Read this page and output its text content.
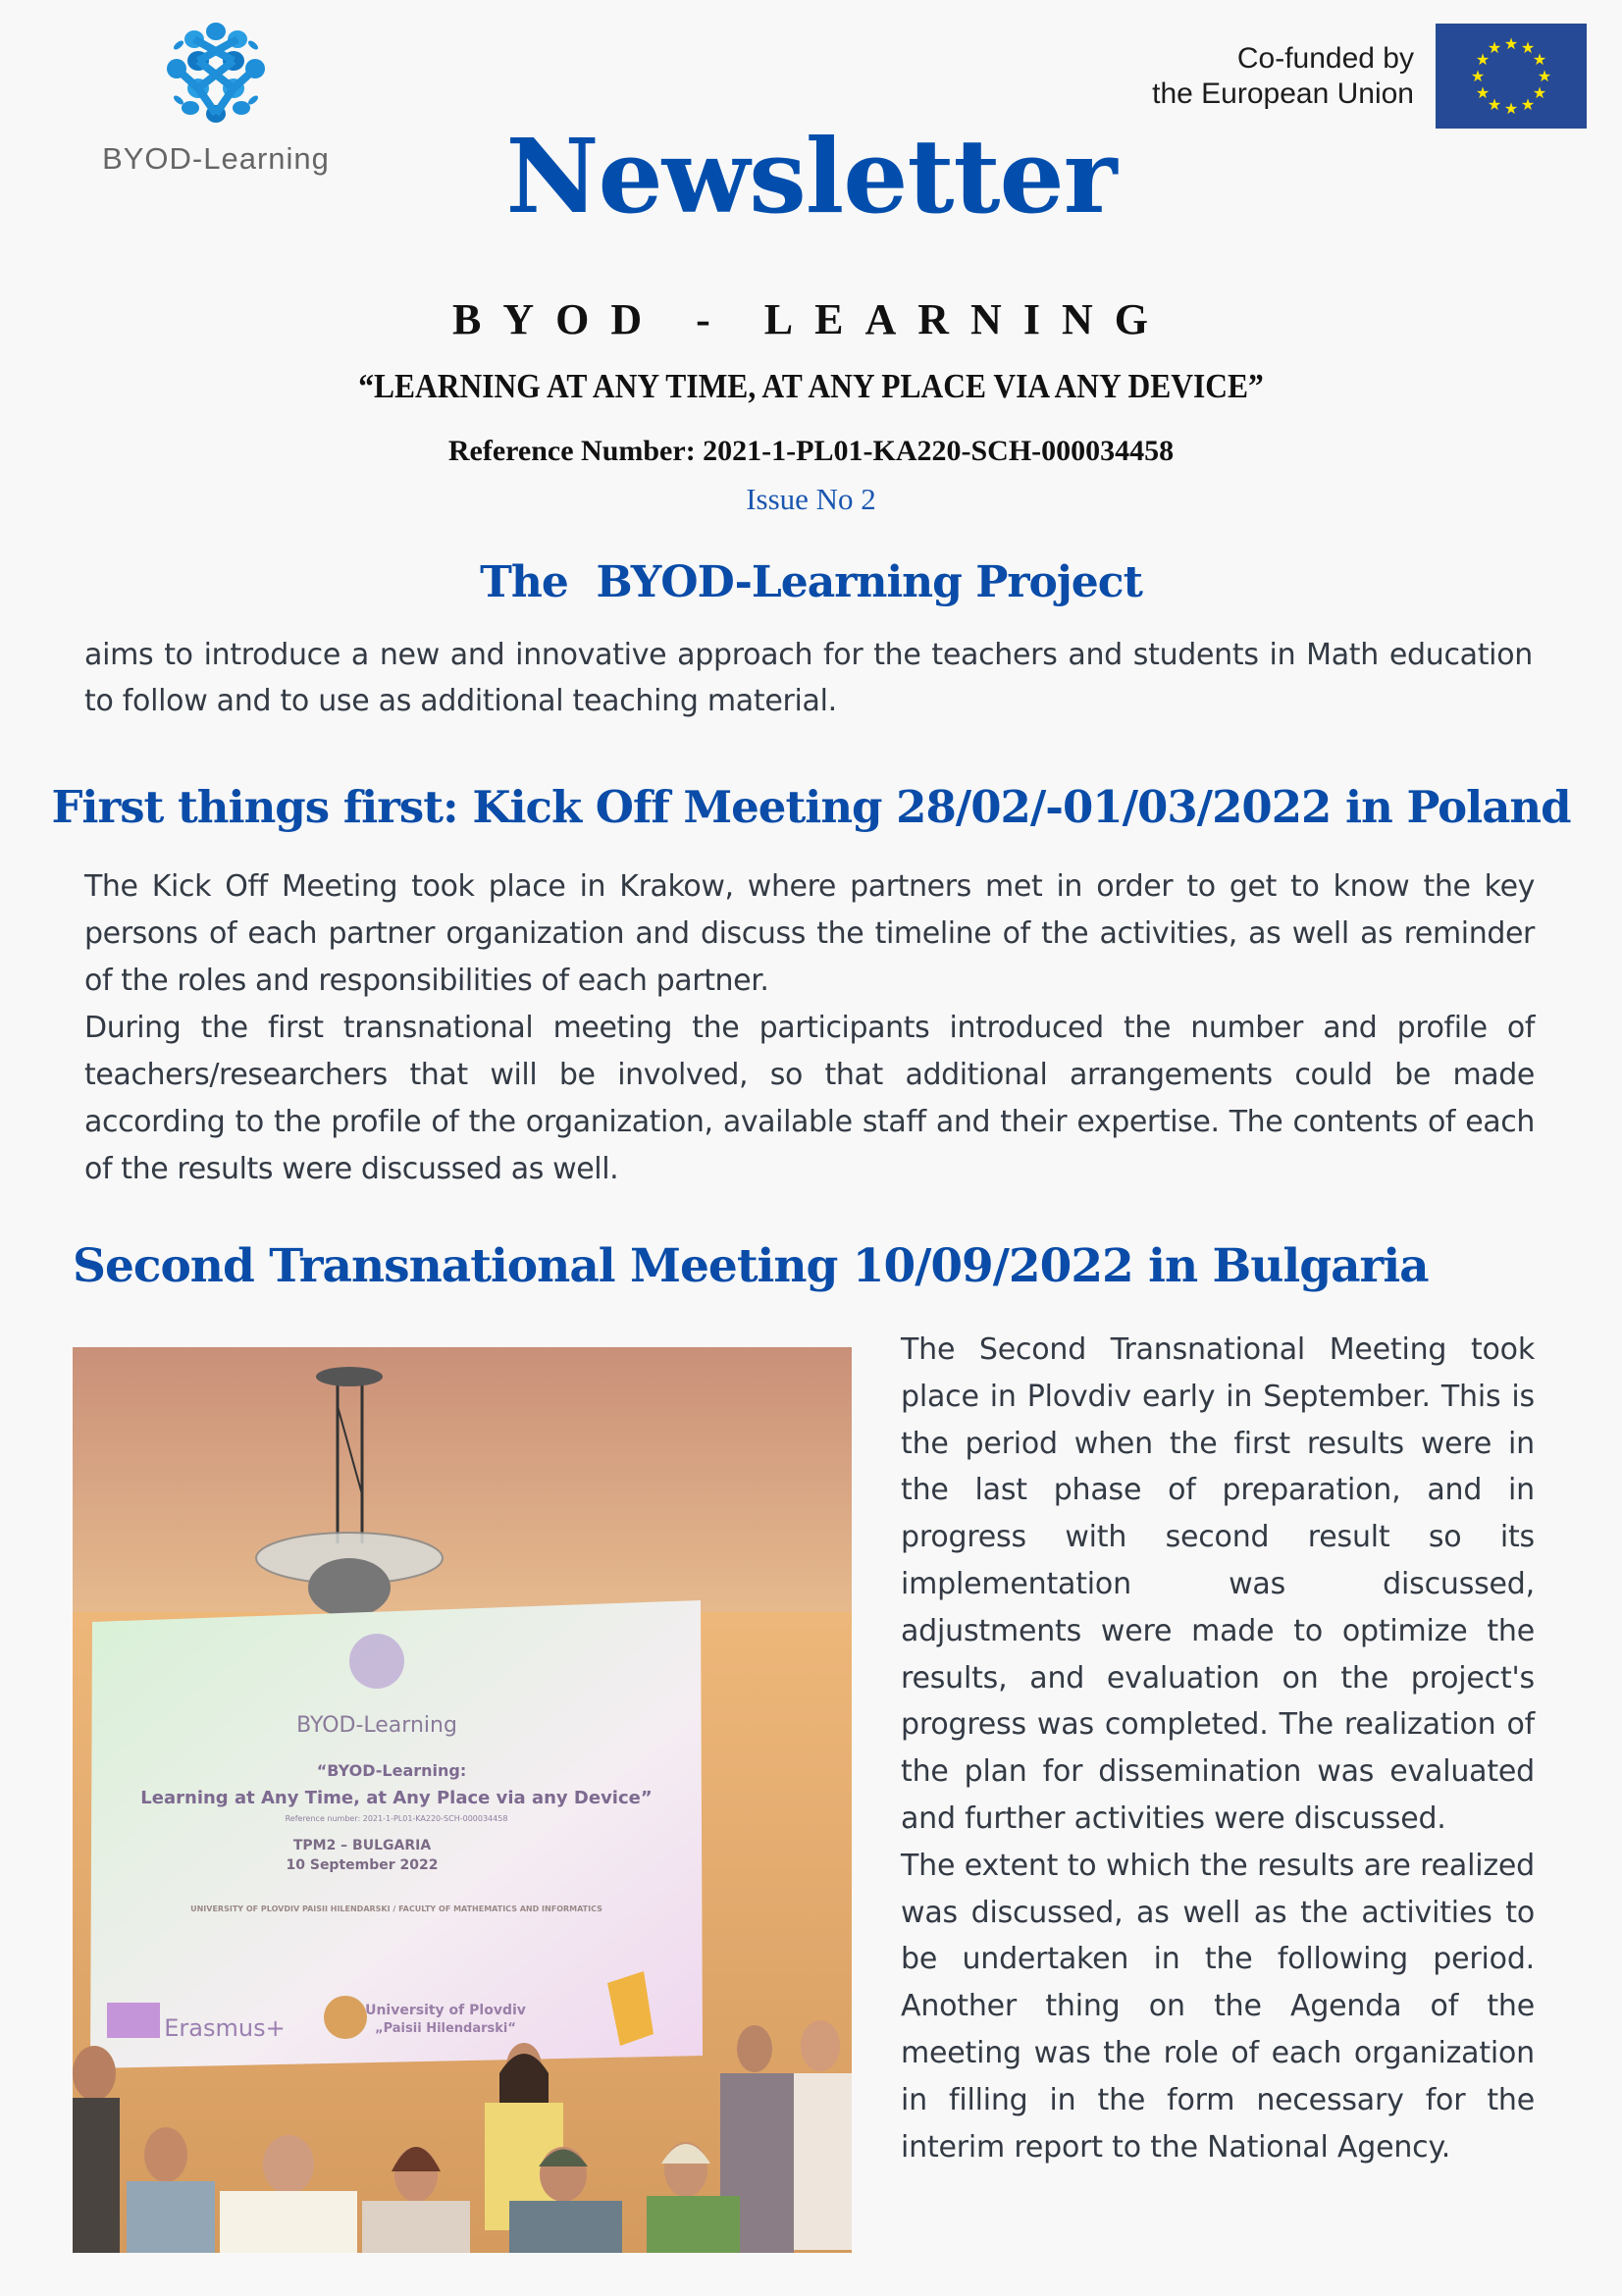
BYOD-Learning
Co-funded by
the European Union
★ ★
★
★
★
★
★
★
★
★
★
★
Newsletter
BYOD - LEARNING
“LEARNING AT ANY TIME, AT ANY PLACE VIA ANY DEVICE”
Reference Number: 2021-1-PL01-KA220-SCH-000034458
Issue No 2
The  BYOD-Learning Project
aims to introduce a new and innovative approach for the teachers and students in Math education to follow and to use as additional teaching material.
First things first: Kick Off Meeting 28/02/-01/03/2022 in Poland

The Kick Off Meeting took place in Krakow, where partners met in order to get to know the key persons of each partner organization and discuss the timeline of the activities, as well as reminder of the roles and responsibilities of each partner.

During the first transnational meeting the participants introduced the number and profile of teachers/researchers that will be involved, so that additional arrangements could be made according to the profile of the organization, available staff and their expertise. The contents of each of the results were discussed as well.

Second Transnational Meeting 10/09/2022 in Bulgaria
BYOD-Learning
“BYOD-Learning:
Learning at Any Time, at Any Place via any Device”
Reference number: 2021-1-PL01-KA220-SCH-000034458
TPM2 – BULGARIA
10 September 2022
UNIVERSITY OF PLOVDIV PAISII HILENDARSKI / FACULTY OF MATHEMATICS AND INFORMATICS
Erasmus+
University of Plovdiv
„Paisii Hilendarski“

The Second Transnational Meeting took place in Plovdiv early in September. This is the period when the first results were in the last phase of preparation, and in progress with second result so its implementation was discussed, adjustments were made to optimize the results, and evaluation on the project's progress was completed. The realization of the plan for dissemination was evaluated and further activities were discussed.

The extent to which the results are realized was discussed, as well as the activities to be undertaken in the following period. Another thing on the Agenda of the meeting was the role of each organization in filling in the form necessary for the interim report to the National Agency.
